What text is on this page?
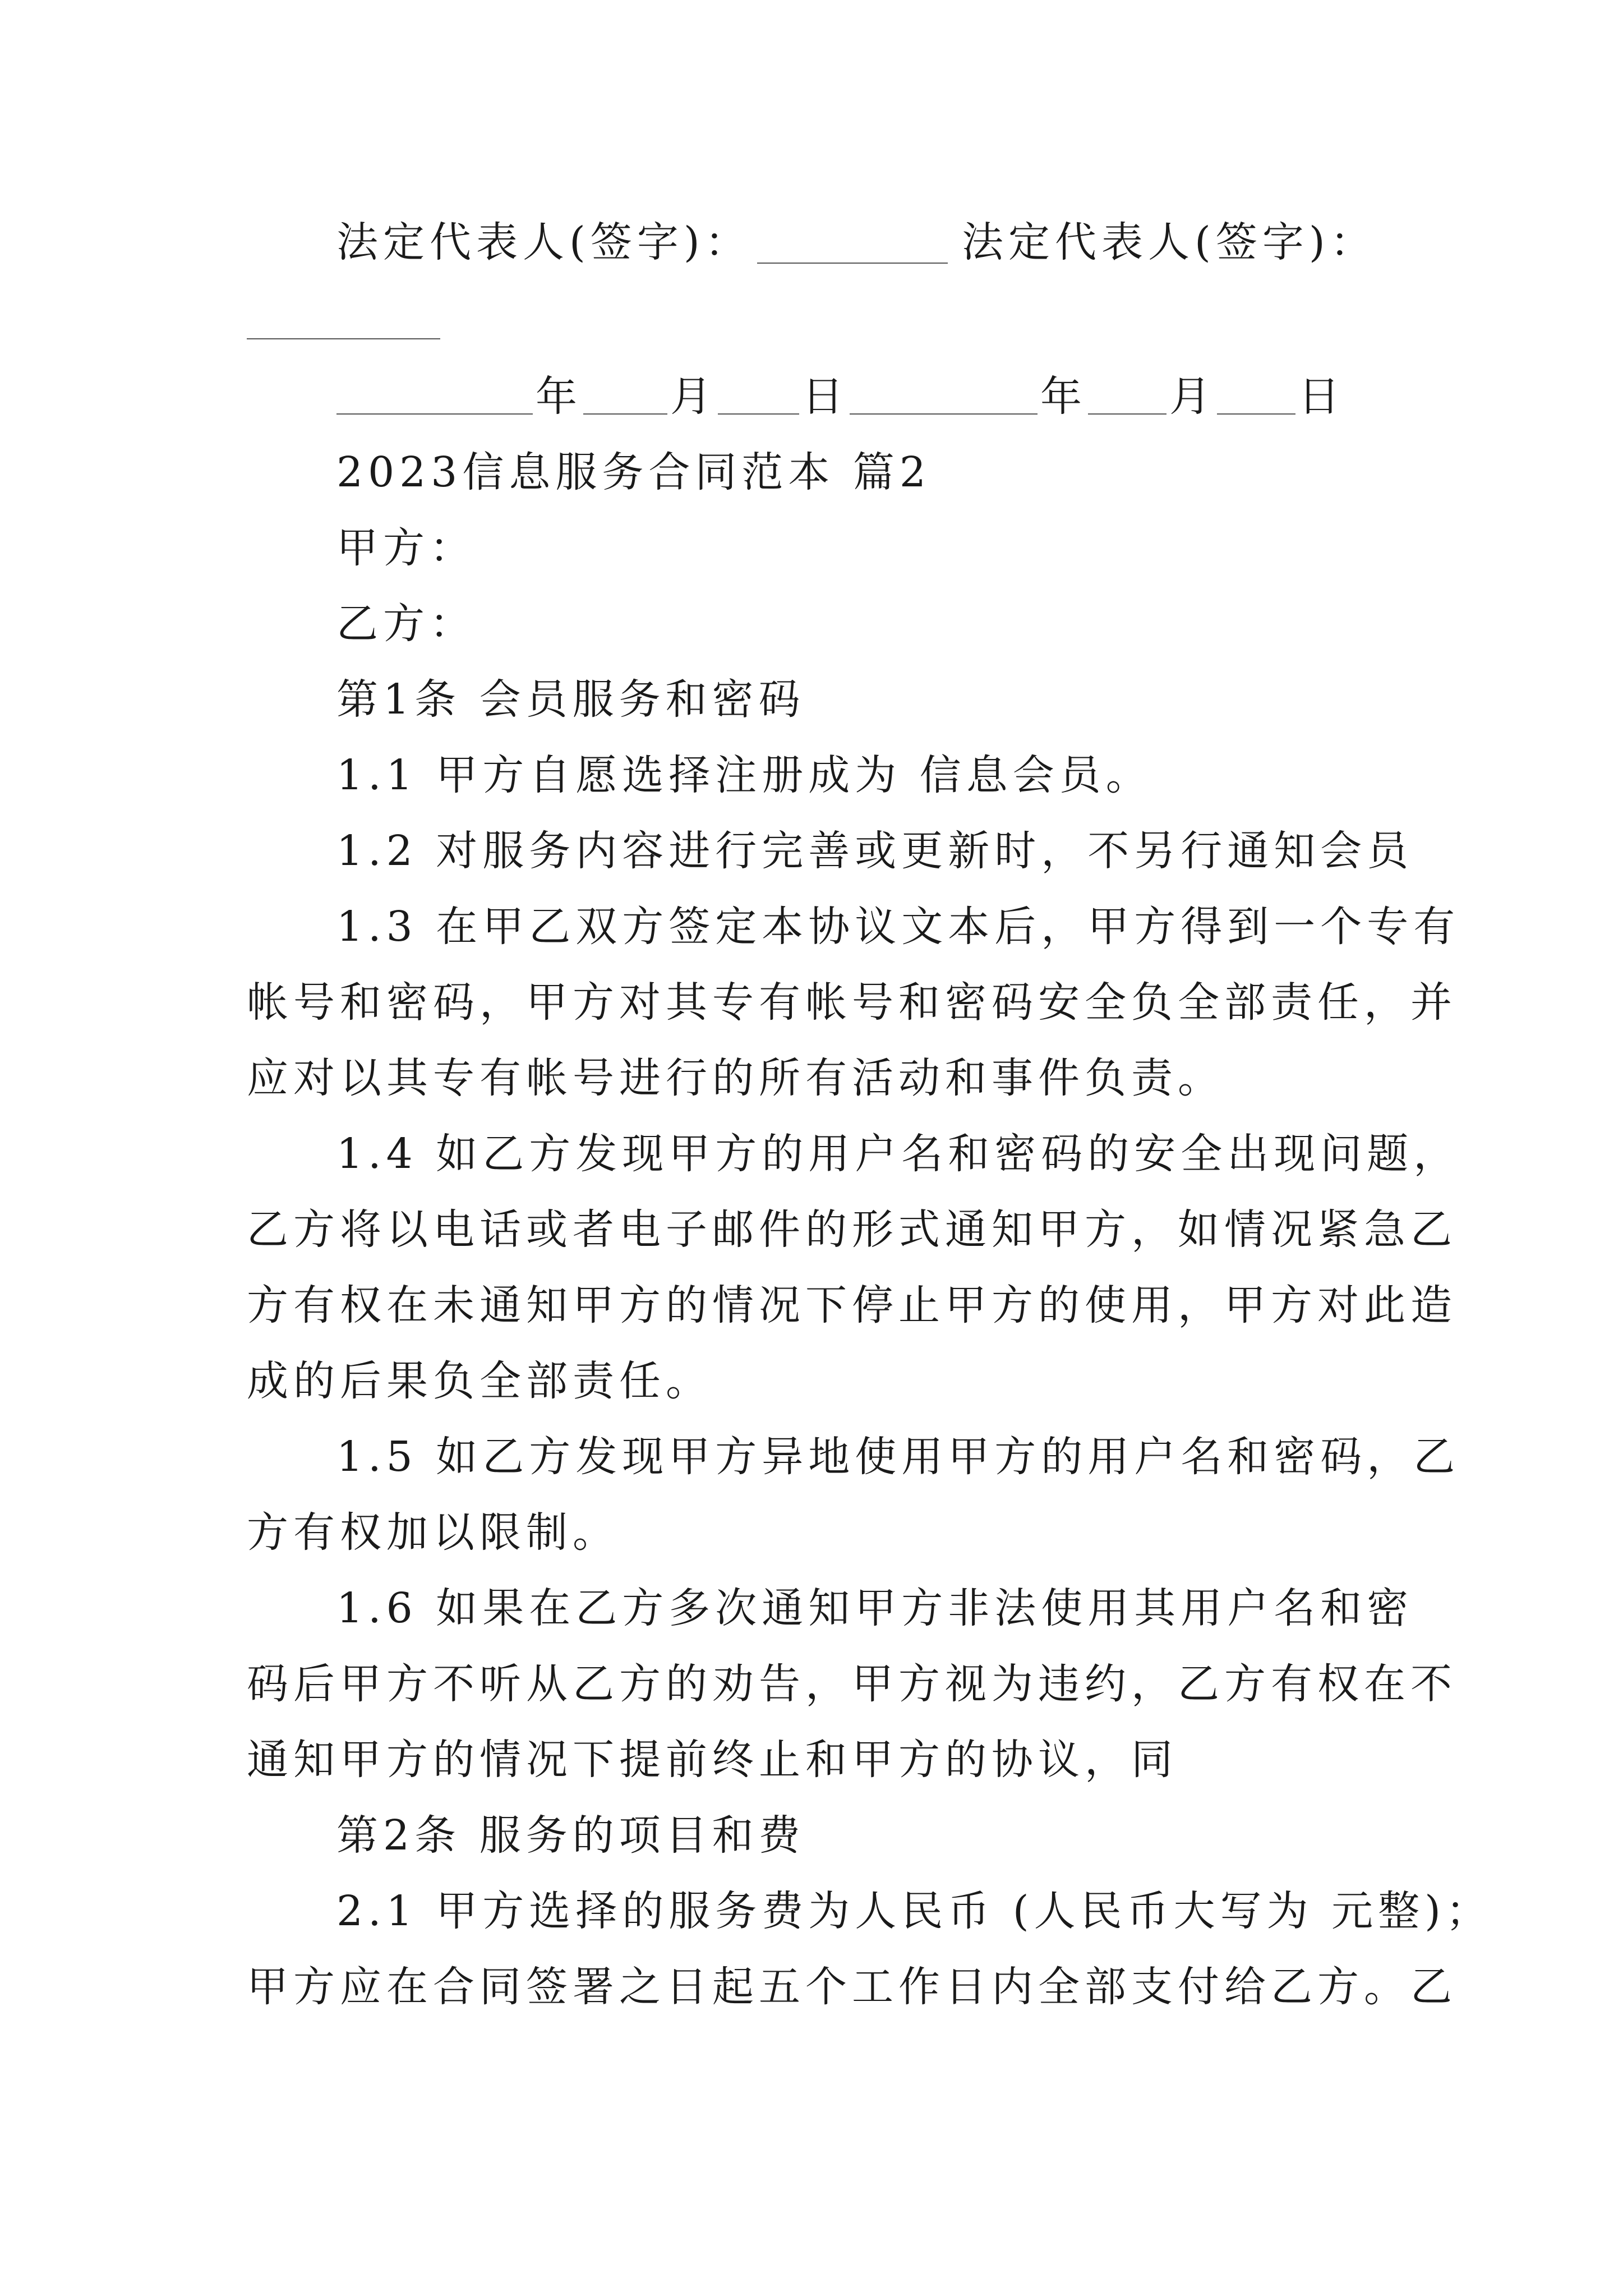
法定代表人(签字)：	法定代表人(签字)：
年 月 日	年 月 日
2023信息服务合同范本 篇2
甲方：
乙方：
第1条 会员服务和密码
1.1 甲方自愿选择注册成为 信息会员。
1.2 对服务内容进行完善或更新时，不另行通知会员
1.3 在甲乙双方签定本协议文本后，甲方得到一个专有
帐号和密码，甲方对其专有帐号和密码安全负全部责任，并
应对以其专有帐号进行的所有活动和事件负责。
1.4 如乙方发现甲方的用户名和密码的安全出现问题，
乙方将以电话或者电子邮件的形式通知甲方，如情况紧急乙
方有权在未通知甲方的情况下停止甲方的使用，甲方对此造
成的后果负全部责任。
1.5 如乙方发现甲方异地使用甲方的用户名和密码，乙
方有权加以限制。
1.6 如果在乙方多次通知甲方非法使用其用户名和密
码后甲方不听从乙方的劝告，甲方视为违约，乙方有权在不
通知甲方的情况下提前终止和甲方的协议，同
第2条 服务的项目和费
2.1 甲方选择的服务费为人民币 (人民币大写为 元整)；
甲方应在合同签署之日起五个工作日内全部支付给乙方。乙
